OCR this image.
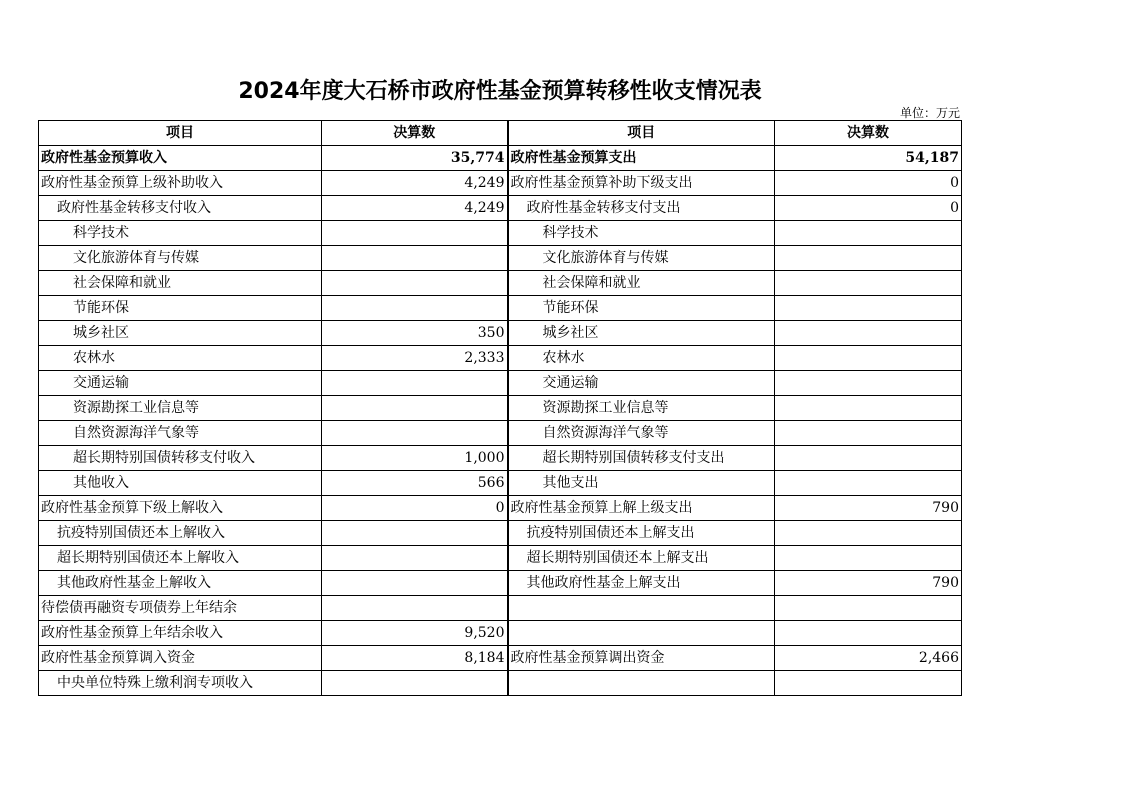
2024年度大石桥市政府性基金预算转移性收支情况表
单位：万元
项目	决算数	项目	决算数
政府性基金预算收入	35,774	政府性基金预算支出	54,187
政府性基金预算上级补助收入	4,249	政府性基金预算补助下级支出	0
政府性基金转移支付收入	4,249	政府性基金转移支付支出	0
科学技术		科学技术	
文化旅游体育与传媒		文化旅游体育与传媒	
社会保障和就业		社会保障和就业	
节能环保		节能环保	
城乡社区	350	城乡社区	
农林水	2,333	农林水	
交通运输		交通运输	
资源勘探工业信息等		资源勘探工业信息等	
自然资源海洋气象等		自然资源海洋气象等	
超长期特别国债转移支付收入	1,000	超长期特别国债转移支付支出	
其他收入	566	其他支出	
政府性基金预算下级上解收入	0	政府性基金预算上解上级支出	790
抗疫特别国债还本上解收入		抗疫特别国债还本上解支出	
超长期特别国债还本上解收入		超长期特别国债还本上解支出	
其他政府性基金上解收入		其他政府性基金上解支出	790
待偿债再融资专项债券上年结余			
政府性基金预算上年结余收入	9,520		
政府性基金预算调入资金	8,184	政府性基金预算调出资金	2,466
中央单位特殊上缴利润专项收入			
